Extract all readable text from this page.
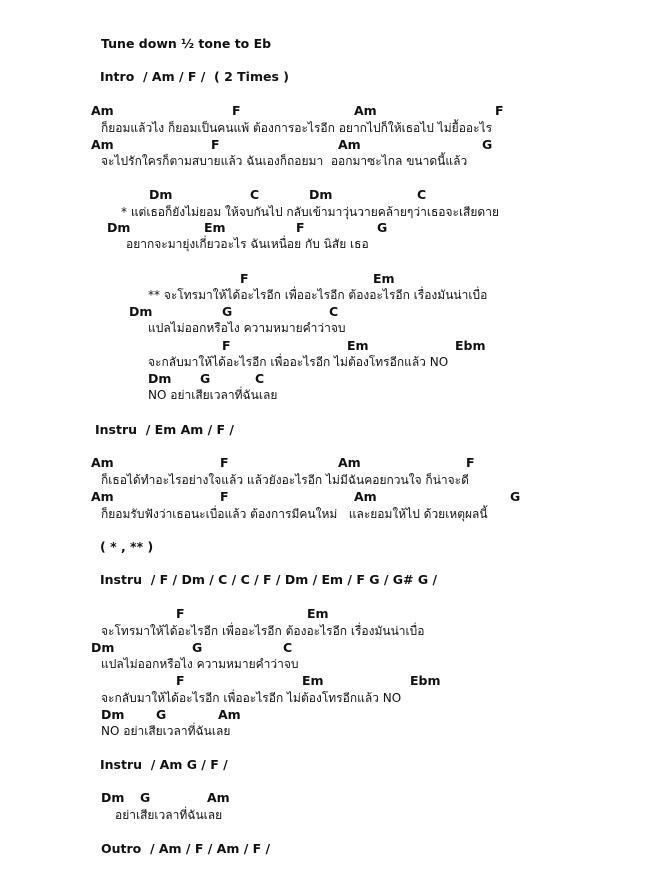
Tune down ½ tone to Eb
Intro  / Am / F /  ( 2 Times )
Am	F	Am	F
ก็ยอมแล้วไง ก็ยอมเป็นคนแพ้ ต้องการอะไรอีก อยากไปก็ให้เธอไป ไม่ยื้ออะไร
Am	F	Am	G
จะไปรักใครก็ตามสบายแล้ว ฉันเองก็ถอยมา  ออกมาซะไกล ขนาดนี้แล้ว
Dm	C	Dm	C
* แต่เธอก็ยังไม่ยอม ให้จบกันไป กลับเข้ามาวุ่นวายคล้ายๆว่าเธอจะเสียดาย
Dm	Em	F	G
อยากจะมายุ่งเกี่ยวอะไร ฉันเหนื่อย กับ นิสัย เธอ
F	Em
** จะโทรมาให้ได้อะไรอีก เพื่ออะไรอีก ต้องอะไรอีก เรื่องมันน่าเบื่อ
Dm	G	C
แปลไม่ออกหรือไง ความหมายคำว่าจบ
F	Em	Ebm
จะกลับมาให้ได้อะไรอีก เพื่ออะไรอีก ไม่ต้องโทรอีกแล้ว NO
Dm G	C
NO อย่าเสียเวลาที่ฉันเลย
Instru  / Em Am / F /
Am	F	Am	F
ก็เธอได้ทำอะไรอย่างใจแล้ว แล้วยังอะไรอีก ไม่มีฉันคอยกวนใจ ก็น่าจะดี
Am	F	Am	G
ก็ยอมรับฟังว่าเธอนะเบื่อแล้ว ต้องการมีคนใหม่   และยอมให้ไป ด้วยเหตุผลนี้
( * , ** )
Instru  / F / Dm / C / C / F / Dm / Em / F G / G# G /
F	Em
จะโทรมาให้ได้อะไรอีก เพื่ออะไรอีก ต้องอะไรอีก เรื่องมันน่าเบื่อ
Dm	G	C
แปลไม่ออกหรือไง ความหมายคำว่าจบ
F	Em	Ebm
จะกลับมาให้ได้อะไรอีก เพื่ออะไรอีก ไม่ต้องโทรอีกแล้ว NO
Dm	G	Am
NO อย่าเสียเวลาที่ฉันเลย
Instru  / Am G / F /
Dm G	Am
อย่าเสียเวลาที่ฉันเลย
Outro  / Am / F / Am / F /
